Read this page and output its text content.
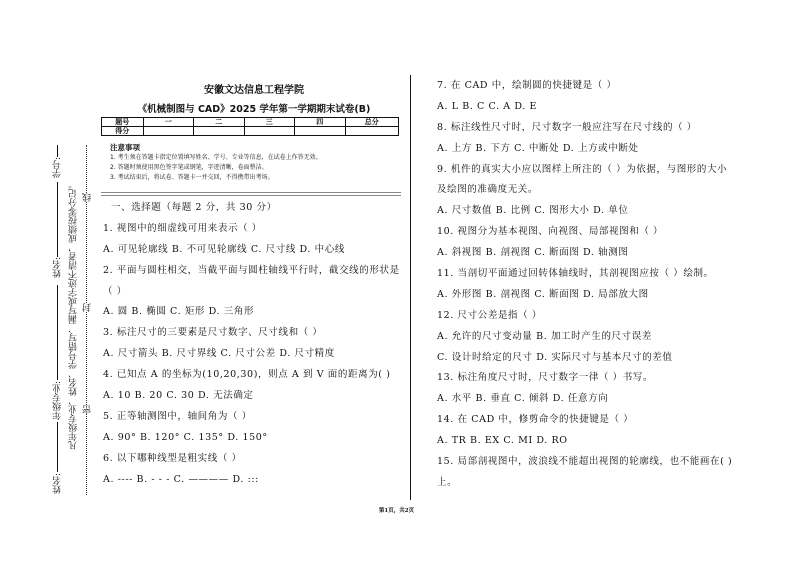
学号:
姓名:
年级专业:
姓名:
凡年级专业、姓名、学号错写、漏写或字迹不清者，成绩按零分记。 线
封
密
安徽文达信息工程学院
《机械制图与 CAD》2025 学年第一学期期末试卷(B)
题号	一	二	三	四	总分
得分					
注意事项
1. 考生须在答题卡指定位置填写姓名、学号、专业等信息，在试卷上作答无效。
2. 答题时须使用黑色签字笔或钢笔，字迹清晰，卷面整洁。
3. 考试结束后，将试卷、答题卡一并交回，不得携带出考场。
一、选择题（每题 2 分，共 30 分）
1. 视图中的细虚线可用来表示（ ）
A. 可见轮廓线 B. 不可见轮廓线 C. 尺寸线 D. 中心线
2. 平面与圆柱相交，当截平面与圆柱轴线平行时，截交线的形状是
（ ）
A. 圆 B. 椭圆 C. 矩形 D. 三角形
3. 标注尺寸的三要素是尺寸数字、尺寸线和（ ）
A. 尺寸箭头 B. 尺寸界线 C. 尺寸公差 D. 尺寸精度
4. 已知点 A 的坐标为(10,20,30)，则点 A 到 V 面的距离为( )
A. 10 B. 20 C. 30 D. 无法确定
5. 正等轴测图中，轴间角为（ ）
A. 90° B. 120° C. 135° D. 150°
6. 以下哪种线型是粗实线（ ）
A. ---- B. - - - C. ———— D. :::
7. 在 CAD 中，绘制圆的快捷键是（ ）
A. L B. C C. A D. E
8. 标注线性尺寸时，尺寸数字一般应注写在尺寸线的（ ）
A. 上方 B. 下方 C. 中断处 D. 上方或中断处
9. 机件的真实大小应以图样上所注的（ ）为依据，与图形的大小
及绘图的准确度无关。
A. 尺寸数值 B. 比例 C. 图形大小 D. 单位
10. 视图分为基本视图、向视图、局部视图和（ ）
A. 斜视图 B. 剖视图 C. 断面图 D. 轴测图
11. 当剖切平面通过回转体轴线时，其剖视图应按（ ）绘制。
A. 外形图 B. 剖视图 C. 断面图 D. 局部放大图
12. 尺寸公差是指（ ）
A. 允许的尺寸变动量 B. 加工时产生的尺寸误差
C. 设计时给定的尺寸 D. 实际尺寸与基本尺寸的差值
13. 标注角度尺寸时，尺寸数字一律（ ）书写。
A. 水平 B. 垂直 C. 倾斜 D. 任意方向
14. 在 CAD 中，修剪命令的快捷键是（ ）
A. TR B. EX C. MI D. RO
15. 局部剖视图中，波浪线不能超出视图的轮廓线，也不能画在( )
上。
第1页，共2页
